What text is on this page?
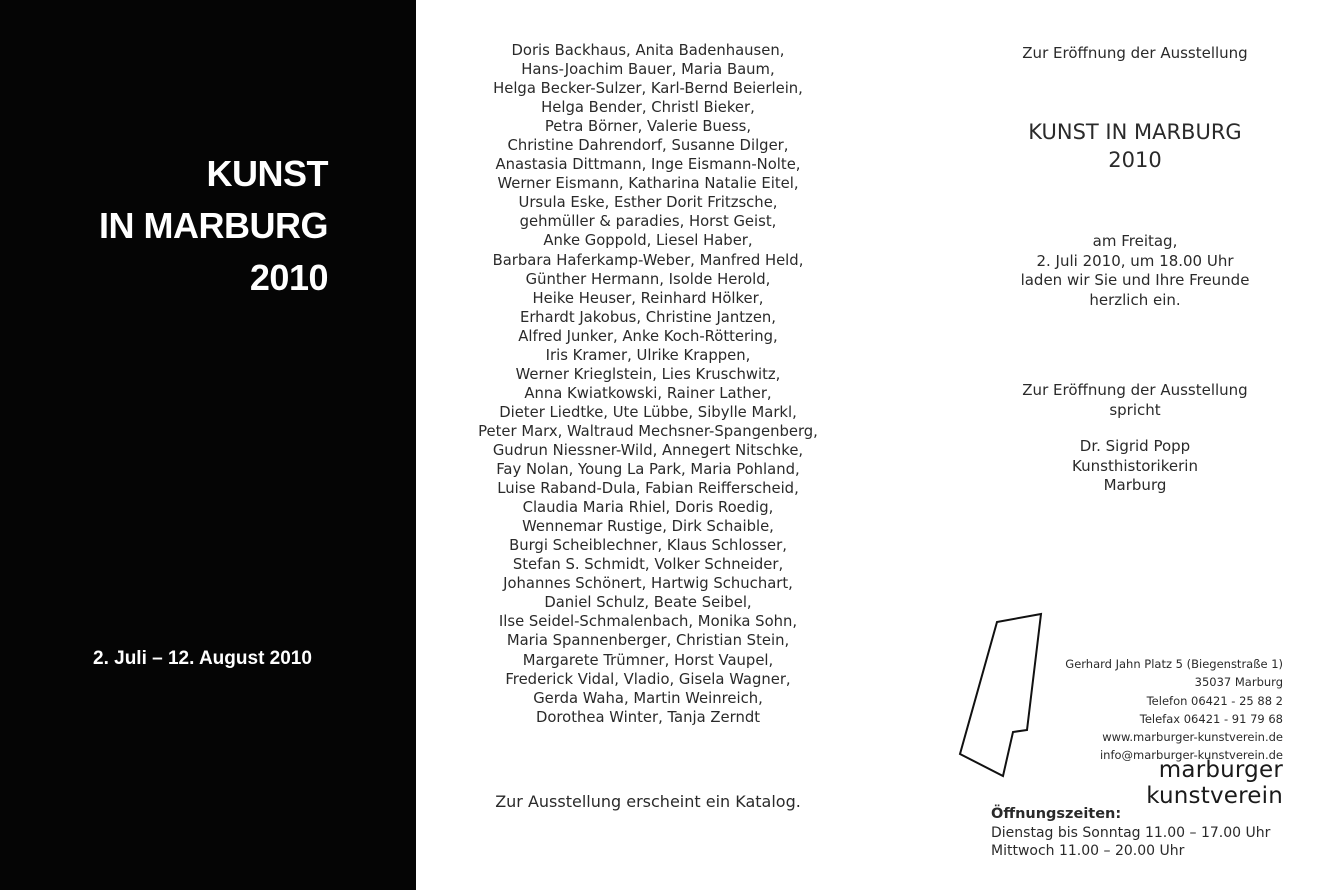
KUNST
IN MARBURG
2010
2. Juli – 12. August 2010
Doris Backhaus, Anita Badenhausen,
Hans-Joachim Bauer, Maria Baum,
Helga Becker-Sulzer, Karl-Bernd Beierlein,
Helga Bender, Christl Bieker,
Petra Börner, Valerie Buess,
Christine Dahrendorf, Susanne Dilger,
Anastasia Dittmann, Inge Eismann-Nolte,
Werner Eismann, Katharina Natalie Eitel,
Ursula Eske, Esther Dorit Fritzsche,
gehmüller & paradies, Horst Geist,
Anke Goppold, Liesel Haber,
Barbara Haferkamp-Weber, Manfred Held,
Günther Hermann, Isolde Herold,
Heike Heuser, Reinhard Hölker,
Erhardt Jakobus, Christine Jantzen,
Alfred Junker, Anke Koch-Röttering,
Iris Kramer, Ulrike Krappen,
Werner Krieglstein, Lies Kruschwitz,
Anna Kwiatkowski, Rainer Lather,
Dieter Liedtke, Ute Lübbe, Sibylle Markl,
Peter Marx, Waltraud Mechsner-Spangenberg,
Gudrun Niessner-Wild, Annegert Nitschke,
Fay Nolan, Young La Park, Maria Pohland,
Luise Raband-Dula, Fabian Reifferscheid,
Claudia Maria Rhiel, Doris Roedig,
Wennemar Rustige, Dirk Schaible,
Burgi Scheiblechner, Klaus Schlosser,
Stefan S. Schmidt, Volker Schneider,
Johannes Schönert, Hartwig Schuchart,
Daniel Schulz, Beate Seibel,
Ilse Seidel-Schmalenbach, Monika Sohn,
Maria Spannenberger, Christian Stein,
Margarete Trümner, Horst Vaupel,
Frederick Vidal, Vladio, Gisela Wagner,
Gerda Waha, Martin Weinreich,
Dorothea Winter, Tanja Zerndt
Zur Ausstellung erscheint ein Katalog.
Zur Eröffnung der Ausstellung
KUNST IN MARBURG
2010
am Freitag,
2. Juli 2010, um 18.00 Uhr
laden wir Sie und Ihre Freunde
herzlich ein.
Zur Eröffnung der Ausstellung
spricht
Dr. Sigrid Popp
Kunsthistorikerin
Marburg
Gerhard Jahn Platz 5 (Biegenstraße 1)
35037 Marburg
Telefon 06421 - 25 88 2
Telefax 06421 - 91 79 68
www.marburger-kunstverein.de
info@marburger-kunstverein.de
marburger kunstverein
Öffnungszeiten:
Dienstag bis Sonntag 11.00 – 17.00 Uhr
Mittwoch 11.00 – 20.00 Uhr
